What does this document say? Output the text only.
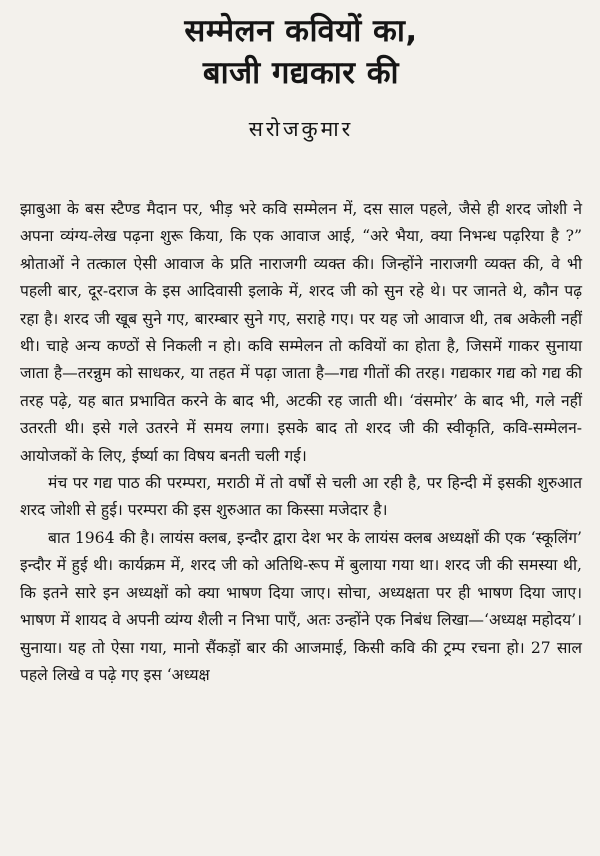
सम्मेलन कवियों का,
बाजी गद्यकार की
सरोजकुमार

झाबुआ के बस स्टैण्ड मैदान पर, भीड़ भरे कवि सम्मेलन में, दस साल पहले, जैसे ही शरद जोशी ने अपना व्यंग्य-लेख पढ़ना शुरू किया, कि एक आवाज आई, “अरे भैया, क्या निभन्ध पढ़रिया है ?” श्रोताओं ने तत्काल ऐसी आवाज के प्रति नाराजगी व्यक्त की। जिन्होंने नाराजगी व्यक्त की, वे भी पहली बार, दूर-दराज के इस आदिवासी इलाके में, शरद जी को सुन रहे थे। पर जानते थे, कौन पढ़ रहा है। शरद जी खूब सुने गए, बारम्बार सुने गए, सराहे गए। पर यह जो आवाज थी, तब अकेली नहीं थी। चाहे अन्य कण्ठों से निकली न हो। कवि सम्मेलन तो कवियों का होता है, जिसमें गाकर सुनाया जाता है—तरन्नुम को साधकर, या तहत में पढ़ा जाता है—गद्य गीतों की तरह। गद्यकार गद्य को गद्य की तरह पढ़े, यह बात प्रभावित करने के बाद भी, अटकी रह जाती थी। ‘वंसमोर’ के बाद भी, गले नहीं उतरती थी। इसे गले उतरने में समय लगा। इसके बाद तो शरद जी की स्वीकृति, कवि-सम्मेलन-आयोजकों के लिए, ईर्ष्या का विषय बनती चली गई।

मंच पर गद्य पाठ की परम्परा, मराठी में तो वर्षों से चली आ रही है, पर हिन्दी में इसकी शुरुआत शरद जोशी से हुई। परम्परा की इस शुरुआत का किस्सा मजेदार है।

बात 1964 की है। लायंस क्लब, इन्दौर द्वारा देश भर के लायंस क्लब अध्यक्षों की एक ‘स्कूलिंग’ इन्दौर में हुई थी। कार्यक्रम में, शरद जी को अतिथि-रूप में बुलाया गया था। शरद जी की समस्या थी, कि इतने सारे इन अध्यक्षों को क्या भाषण दिया जाए। सोचा, अध्यक्षता पर ही भाषण दिया जाए। भाषण में शायद वे अपनी व्यंग्य शैली न निभा पाएँ, अतः उन्होंने एक निबंध लिखा—‘अध्यक्ष महोदय’। सुनाया। यह तो ऐसा गया, मानो सैंकड़ों बार की आजमाई, किसी कवि की ट्रम्प रचना हो। 27 साल पहले लिखे व पढ़े गए इस ‘अध्यक्ष
